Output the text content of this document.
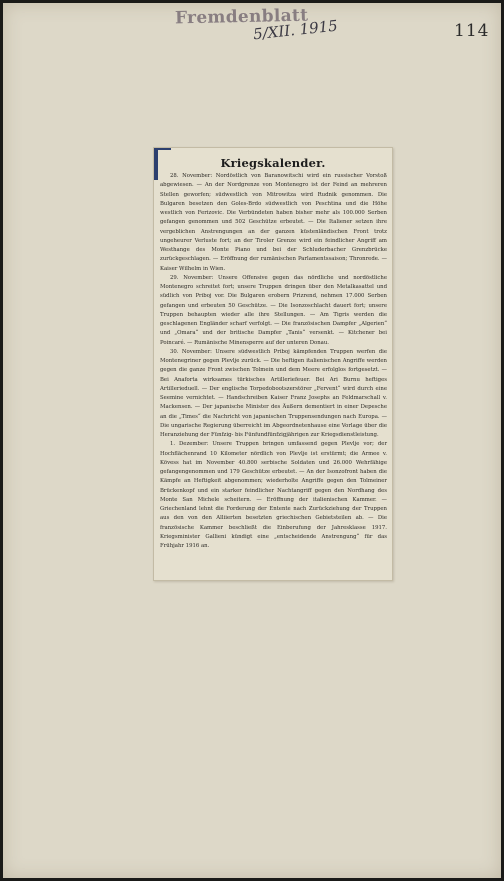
Fremdenblatt
5/XII. 1915	114
Kriegskalender.

28. November: Nordöstlich von Baranowitschi wird ein russischer Vorstoß abgewiesen. — An der Nordgrenze von Montenegro ist der Feind an mehreren Stellen geworfen; südwestlich von Mitrowitza wird Rudnik genommen. Die Bulgaren besetzen den Goles-Brdo südwestlich von Peschtina und die Höhe westlich von Ferizovic. Die Verbündeten haben bisher mehr als 100.000 Serben gefangen genommen und 502 Geschütze erbeutet. — Die Italiener setzen ihre vergeblichen Anstrengungen an der ganzen küstenländischen Front trotz ungeheurer Verluste fort; an der Tiroler Grenze wird ein feindlicher Angriff am Westhange des Monte Piano und bei der Schluderbacher Grenzbrücke zurückgeschlagen. — Eröffnung der rumänischen Parlamentssaison; Thronrede. — Kaiser Wilhelm in Wien.

29. November: Unsere Offensive gegen das nördliche und nordöstliche Montenegro schreitet fort; unsere Truppen dringen über den Metalkasattel und südlich von Priboj vor. Die Bulgaren erobern Prizrend, nehmen 17.000 Serben gefangen und erbeuten 50 Geschütze. — Die Isonzoschlacht dauert fort; unsere Truppen behaupten wieder alle ihre Stellungen. — Am Tigris werden die geschlagenen Engländer scharf verfolgt. — Die französischen Dampfer „Algerien“ und „Omara“ und der britische Dampfer „Tanis“ versenkt. — Kitchener bei Poincaré. — Rumänische Minensperre auf der unteren Donau.

30. November: Unsere südwestlich Priboj kämpfenden Truppen werfen die Montenegriner gegen Plevlje zurück. — Die heftigen italienischen Angriffe werden gegen die ganze Front zwischen Tolmein und dem Meere erfolglos fortgesetzt. — Bei Anaforta wirksames türkisches Artilleriefeuer. Bei Ari Burnu heftiges Artillerieduell. — Der englische Torpedobootszerstörer „Fervent“ wird durch eine Seemine vernichtet. — Handschreiben Kaiser Franz Josephs an Feldmarschall v. Mackensen. — Der japanische Minister des Äußern dementiert in einer Depesche an die „Times“ die Nachricht von japanischen Truppensendungen nach Europa. — Die ungarische Regierung überreicht im Abgeordnetenhause eine Vorlage über die Heranziehung der Fünfzig- bis Fünfundfünfzigjährigen zur Kriegsdienstleistung.

1. Dezember: Unsere Truppen bringen umfassend gegen Plevlje vor; der Hochflächenrand 10 Kilometer nördlich von Plevlje ist erstürmt; die Armee v. Kövess hat im November 40.800 serbische Soldaten und 26.000 Wehrfähige gefangengenommen und 179 Geschütze erbeutet. — An der Isonzofront haben die Kämpfe an Heftigkeit abgenommen; wiederholte Angriffe gegen den Tolmeiner Brückenkopf und ein starker feindlicher Nachtangriff gegen den Nordhang des Monte San Michele scheitern. — Eröffnung der italienischen Kammer. — Griechenland lehnt die Forderung der Entente nach Zurückziehung der Truppen aus den von den Alliierten besetzten griechischen Gebietsteilen ab. — Die französische Kammer beschließt die Einberufung der Jahresklasse 1917. Kriegsminister Gallieni kündigt eine „entscheidende Anstrengung“ für das Frühjahr 1916 an.
